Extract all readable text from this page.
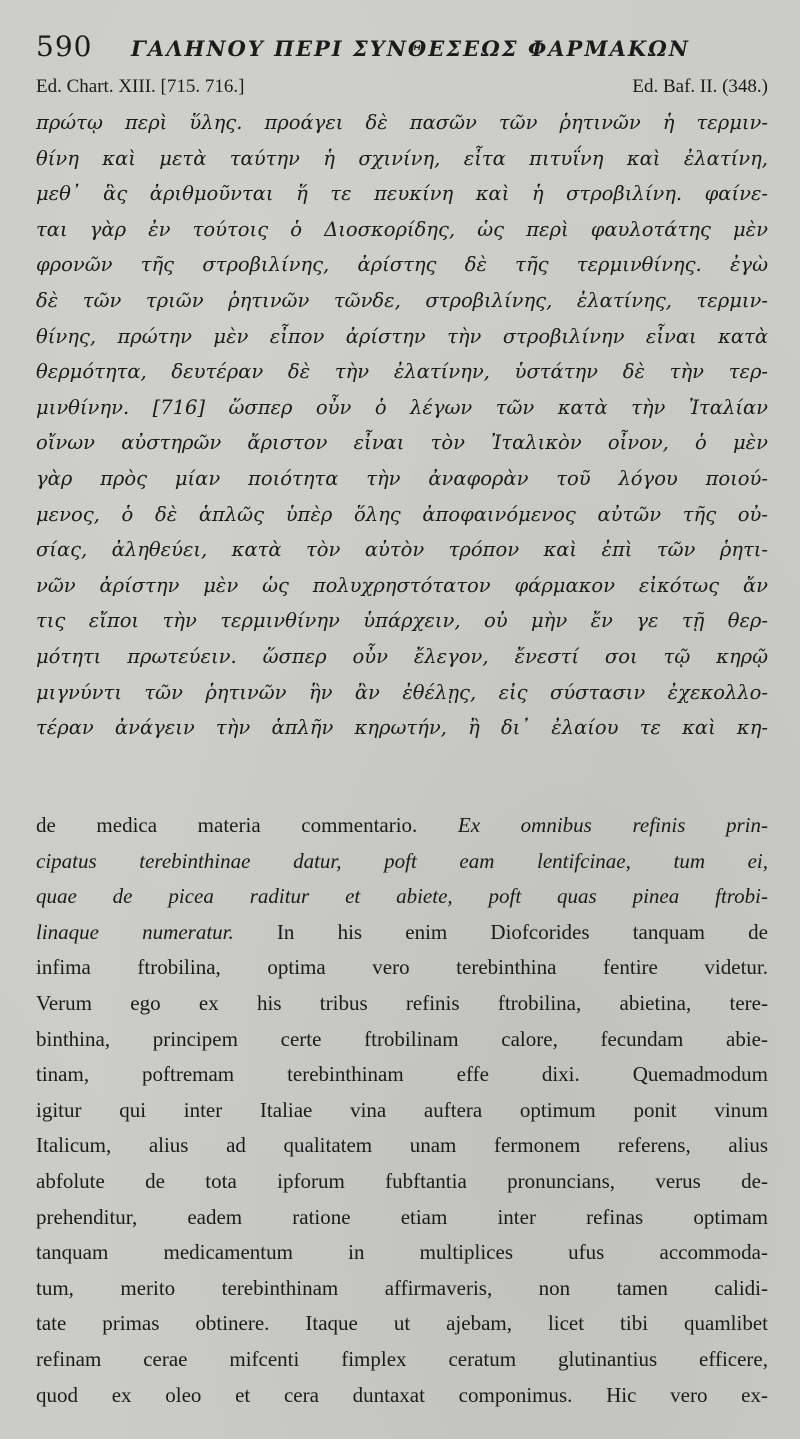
590	ΓΑΛΗΝΟΥ ΠΕΡΙ ΣΥΝΘΕΣΕΩΣ ΦΑΡΜΑΚΩΝ
Ed. Chart. XIII. [715. 716.]	Ed. Baf. II. (348.)
πρώτῳ περὶ ὕλης. προάγει δὲ πασῶν τῶν ῥητινῶν ἡ τερμιν-
θίνη καὶ μετὰ ταύτην ἡ σχινίνη, εἶτα πιτυΐνη καὶ ἐλατίνη,
μεθ᾽ ἃς ἀριθμοῦνται ἥ τε πευκίνη καὶ ἡ στροβιλίνη. φαίνε-
ται γὰρ ἐν τούτοις ὁ Διοσκορίδης, ὡς περὶ φαυλοτάτης μὲν
φρονῶν τῆς στροβιλίνης, ἀρίστης δὲ τῆς τερμινθίνης. ἐγὼ
δὲ τῶν τριῶν ῥητινῶν τῶνδε, στροβιλίνης, ἐλατίνης, τερμιν-
θίνης, πρώτην μὲν εἶπον ἀρίστην τὴν στροβιλίνην εἶναι κατὰ
θερμότητα, δευτέραν δὲ τὴν ἐλατίνην, ὑστάτην δὲ τὴν τερ-
μινθίνην. [716] ὥσπερ οὖν ὁ λέγων τῶν κατὰ τὴν Ἰταλίαν
οἴνων αὐστηρῶν ἄριστον εἶναι τὸν Ἰταλικὸν οἶνον, ὁ μὲν
γὰρ πρὸς μίαν ποιότητα τὴν ἀναφορὰν τοῦ λόγου ποιού-
μενος, ὁ δὲ ἁπλῶς ὑπὲρ ὅλης ἀποφαινόμενος αὐτῶν τῆς οὐ-
σίας, ἀληθεύει, κατὰ τὸν αὐτὸν τρόπον καὶ ἐπὶ τῶν ῥητι-
νῶν ἀρίστην μὲν ὡς πολυχρηστότατον φάρμακον εἰκότως ἄν
τις εἴποι τὴν τερμινθίνην ὑπάρχειν, οὐ μὴν ἔν γε τῇ θερ-
μότητι πρωτεύειν. ὥσπερ οὖν ἔλεγον, ἔνεστί σοι τῷ κηρῷ
μιγνύντι τῶν ῥητινῶν ἣν ἂν ἐθέλῃς, εἰς σύστασιν ἐχεκολλο-
τέραν ἀνάγειν τὴν ἁπλῆν κηρωτήν, ἢ δι᾽ ἐλαίου τε καὶ κη-
de medica materia commentario. Ex omnibus refinis prin-
cipatus terebinthinae datur, poft eam lentifcinae, tum ei,
quae de picea raditur et abiete, poft quas pinea ftrobi-
linaque numeratur. In his enim Diofcorides tanquam de
infima ftrobilina, optima vero terebinthina fentire videtur.
Verum ego ex his tribus refinis ftrobilina, abietina, tere-
binthina, principem certe ftrobilinam calore, fecundam abie-
tinam, poftremam terebinthinam effe dixi. Quemadmodum
igitur qui inter Italiae vina auftera optimum ponit vinum
Italicum, alius ad qualitatem unam fermonem referens, alius
abfolute de tota ipforum fubftantia pronuncians, verus de-
prehenditur, eadem ratione etiam inter refinas optimam
tanquam medicamentum in multiplices ufus accommoda-
tum, merito terebinthinam affirmaveris, non tamen calidi-
tate primas obtinere. Itaque ut ajebam, licet tibi quamlibet
refinam cerae mifcenti fimplex ceratum glutinantius efficere,
quod ex oleo et cera duntaxat componimus. Hic vero ex-
